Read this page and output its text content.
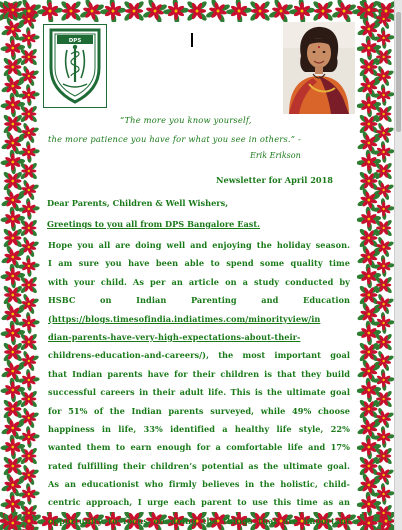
DPS
“The more you know yourself,
the more patience you have for what you see in others.” -
Erik Erikson
Newsletter for April 2018
Dear Parents, Children & Well Wishers,
Greetings to you all from DPS Bangalore East.
Hope you all are doing well and enjoying the holiday season.
I am sure you have been able to spend some quality time
with your child. As per an article on a study conducted by
HSBC on Indian Parenting and Education
(https://blogs.timesofindia.indiatimes.com/minorityview/in
dian-parents-have-very-high-expectations-about-their-
childrens-education-and-careers/), the most important goal
that Indian parents have for their children is that they build
successful careers in their adult life. This is the ultimate goal
for 51% of the Indian parents surveyed, while 49% choose
happiness in life, 33% identified a healthy life style, 22%
wanted them to earn enough for a comfortable life and 17%
rated fulfilling their children’s potential as the ultimate goal.
As an educationist who firmly believes in the holistic, child-
centric approach, I urge each parent to use this time as an
opportunity to focus on doing the things that are important
